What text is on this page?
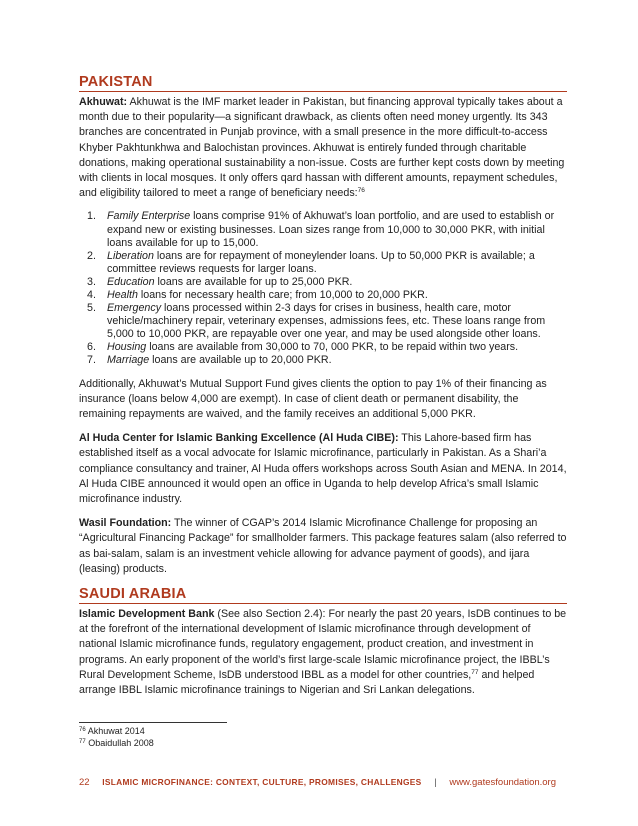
PAKISTAN

Akhuwat: Akhuwat is the IMF market leader in Pakistan, but financing approval typically takes about a month due to their popularity—a significant drawback, as clients often need money urgently. Its 343 branches are concentrated in Punjab province, with a small presence in the more difficult-to-access Khyber Pakhtunkhwa and Balochistan provinces. Akhuwat is entirely funded through charitable donations, making operational sustainability a non-issue. Costs are further kept costs down by meeting with clients in local mosques. It only offers qard hassan with different amounts, repayment schedules, and eligibility tailored to meet a range of beneficiary needs:$^{76}$

1. Family Enterprise loans comprise 91% of Akhuwat’s loan portfolio, and are used to establish or expand new or existing businesses. Loan sizes range from 10,000 to 30,000 PKR, with initial loans available for up to 15,000.
2. Liberation loans are for repayment of moneylender loans. Up to 50,000 PKR is available; a committee reviews requests for larger loans.
3. Education loans are available for up to 25,000 PKR.
4. Health loans for necessary health care; from 10,000 to 20,000 PKR.
5. Emergency loans processed within 2-3 days for crises in business, health care, motor vehicle/machinery repair, veterinary expenses, admissions fees, etc. These loans range from 5,000 to 10,000 PKR, are repayable over one year, and may be used alongside other loans.
6. Housing loans are available from 30,000 to 70, 000 PKR, to be repaid within two years.
7. Marriage loans are available up to 20,000 PKR.

Additionally, Akhuwat’s Mutual Support Fund gives clients the option to pay 1% of their financing as insurance (loans below 4,000 are exempt). In case of client death or permanent disability, the remaining repayments are waived, and the family receives an additional 5,000 PKR.

Al Huda Center for Islamic Banking Excellence (Al Huda CIBE): This Lahore-based firm has established itself as a vocal advocate for Islamic microfinance, particularly in Pakistan. As a Shari’a compliance consultancy and trainer, Al Huda offers workshops across South Asian and MENA. In 2014, Al Huda CIBE announced it would open an office in Uganda to help develop Africa’s small Islamic microfinance industry.

Wasil Foundation: The winner of CGAP’s 2014 Islamic Microfinance Challenge for proposing an “Agricultural Financing Package” for smallholder farmers. This package features salam (also referred to as bai-salam, salam is an investment vehicle allowing for advance payment of goods), and ijara (leasing) products.

SAUDI ARABIA

Islamic Development Bank (See also Section 2.4): For nearly the past 20 years, IsDB continues to be at the forefront of the international development of Islamic microfinance through development of national Islamic microfinance funds, regulatory engagement, product creation, and investment in programs. An early proponent of the world’s first large-scale Islamic microfinance project, the IBBL’s Rural Development Scheme, IsDB understood IBBL as a model for other countries,$^{77}$ and helped arrange IBBL Islamic microfinance trainings to Nigerian and Sri Lankan delegations.

$^{76}$ Akhuwat 2014
$^{77}$ Obaidullah 2008
22 ISLAMIC MICROFINANCE: CONTEXT, CULTURE, PROMISES, CHALLENGES | www.gatesfoundation.org
